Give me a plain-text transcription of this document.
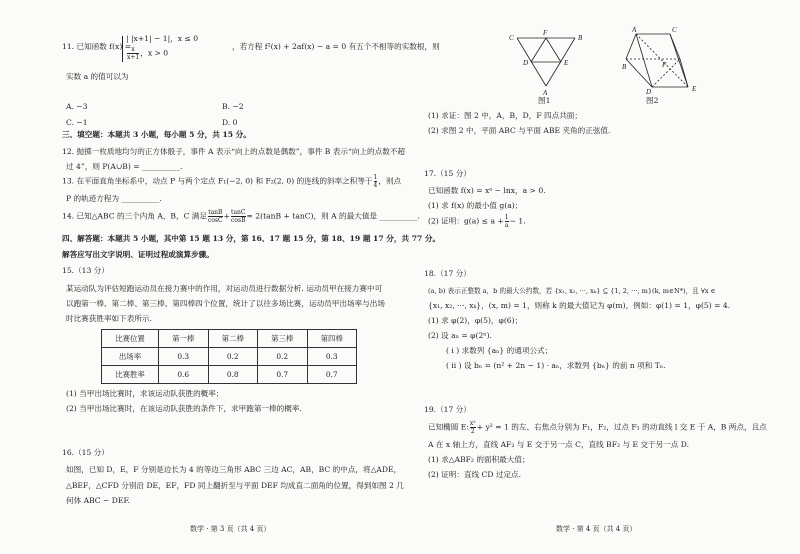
11. 已知函数 f(x) =
| |x+1| − 1|，x ≤ 0
$\frac{x}{x+1}$ ，x > 0
，若方程 f²(x) + 2af(x) − a = 0 有五个不相等的实数根，则
实数 a 的值可以为
A. −3	B. −2
C. −1	D. 0
三、填空题：本题共 3 小题，每小题 5 分，共 15 分。
12. 抛掷一枚质地均匀的正方体骰子，事件 A 表示“向上的点数是偶数”，事件 B 表示“向上的点数不超
过 4”，则 P(A∪B) = __________.
13. 在平面直角坐标系中，动点 P 与两个定点 F₁(−2, 0) 和 F₂(2, 0) 的连线的斜率之积等于 $\frac{1}{4}$ ，则点
P 的轨迹方程为 __________.
14. 已知△ABC 的三个内角 A，B，C 满足 $\frac{\tan B}{\cos C} + \frac{\tan C}{\cos B} = 2(\tan B + \tan C)$，则 A 的最大值是 __________.
四、解答题：本题共 5 小题，其中第 15 题 13 分，第 16、17 题 15 分，第 18、19 题 17 分，共 77 分。
解答应写出文字说明、证明过程或演算步骤。
15.（13 分）
某运动队为评估短跑运动员在接力赛中的作用，对运动员进行数据分析. 运动员甲在接力赛中可
以跑第一棒、第二棒、第三棒、第四棒四个位置，统计了以往多场比赛，运动员甲出场率与出场
时比赛获胜率如下表所示.
比赛位置	第一棒	第二棒	第三棒	第四棒
出场率	0.3	0.2	0.2	0.3
比赛胜率	0.6	0.8	0.7	0.7
(1) 当甲出场比赛时，求该运动队获胜的概率；
(2) 当甲出场比赛时，在该运动队获胜的条件下，求甲跑第一棒的概率.
16.（15 分）
如图，已知 D，E，F 分别是边长为 4 的等边三角形 ABC 三边 AC，AB，BC 的中点，将△ADE，
△BEF，△CFD 分别沿 DE，EF，FD 同上翻折至与平面 DEF 均成直二面角的位置，得到如图 2 几
何体 ABC − DEF.
数学 · 第 3 页（共 4 页）
C
F
B
D	E
A
图1
A	C
F
B
D	E
图2
(1) 求证：图 2 中，A，B，D，F 四点共面；
(2) 求图 2 中，平面 ABC 与平面 ABE 夹角的正弦值.
17.（15 分）
已知函数 f(x) = xᵃ − lnx，a > 0.
(1) 求 f(x) 的最小值 g(a)；
(2) 证明：$g(a) \le a + \frac{1}{a} - 1$.
18.（17 分）
(a, b) 表示正整数 a，b 的最大公约数，若 {x₁, x₂, ···, xₖ} ⊆ {1, 2, ···, m}(k, m∈N*)，且 ∀x ∈
{x₁, x₂, ···, xₖ}，(x, m) = 1，则称 k 的最大值记为 φ(m)，例如：φ(1) = 1，φ(5) = 4.
(1) 求 φ(2)，φ(5)，φ(6)；
(2) 设 aₙ = φ(2ⁿ).
( i ) 求数列 {aₙ} 的通项公式；
( ii ) 设 bₙ = (n² + 2n − 1) · aₙ，求数列 {bₙ} 的前 n 项和 Tₙ.
19.（17 分）
已知椭圆 E: $\frac{\text{x²}}{2} + y^2 = 1$ 的左、右焦点分别为 F₁，F₂，过点 F₁ 的动直线 l 交 E 于 A，B 两点，且点
A 在 x 轴上方，直线 AF₂ 与 E 交于另一点 C，直线 BF₂ 与 E 交于另一点 D.
(1) 求△ABF₂ 的面积最大值；
(2) 证明：直线 CD 过定点.
数学 · 第 4 页（共 4 页）
